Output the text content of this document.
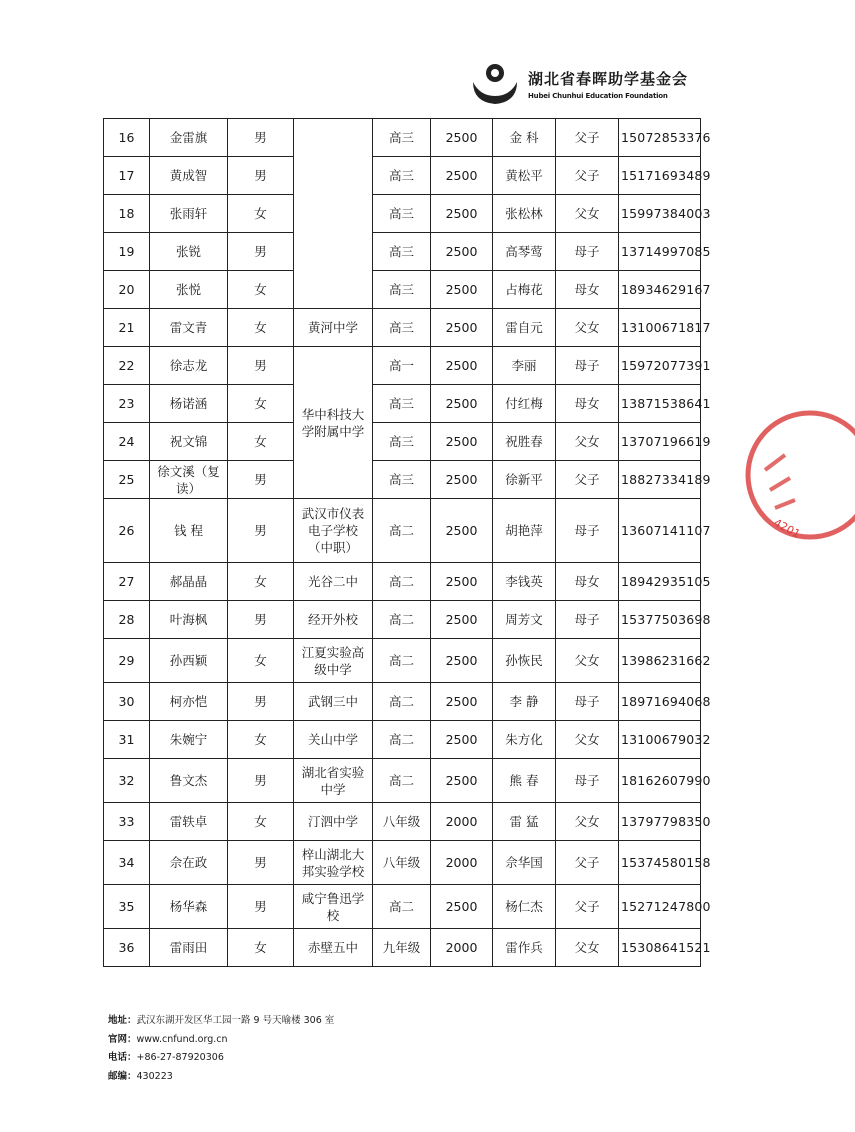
湖北省春晖助学基金会
Hubei Chunhui Education Foundation
16	金雷旗	男		高三	2500	金 科	父子	15072853376
17	黄成智	男		高三	2500	黄松平	父子	15171693489
18	张雨轩	女		高三	2500	张松林	父女	15997384003
19	张锐	男		高三	2500	高琴莺	母子	13714997085
20	张悦	女		高三	2500	占梅花	母女	18934629167
21	雷文青	女	黄河中学	高三	2500	雷自元	父女	13100671817
22	徐志龙	男	华中科技大学附属中学	高一	2500	李丽	母子	15972077391
23	杨诺涵	女		高三	2500	付红梅	母女	13871538641
24	祝文锦	女		高三	2500	祝胜春	父女	13707196619
25	徐文溪（复读）	男		高三	2500	徐新平	父子	18827334189
26	钱 程	男	武汉市仪表电子学校（中职）	高二	2500	胡艳萍	母子	13607141107
27	郝晶晶	女	光谷二中	高二	2500	李钱英	母女	18942935105
28	叶海枫	男	经开外校	高二	2500	周芳文	母子	15377503698
29	孙西颖	女	江夏实验高级中学	高二	2500	孙恢民	父女	13986231662
30	柯亦恺	男	武钢三中	高二	2500	李 静	母子	18971694068
31	朱婉宁	女	关山中学	高二	2500	朱方化	父女	13100679032
32	鲁文杰	男	湖北省实验中学	高二	2500	熊 春	母子	18162607990
33	雷轶卓	女	汀泗中学	八年级	2000	雷 猛	父女	13797798350
34	佘在政	男	梓山湖北大邦实验学校	八年级	2000	佘华国	父子	15374580158
35	杨华森	男	咸宁鲁迅学校	高二	2500	杨仁杰	父子	15271247800
36	雷雨田	女	赤壁五中	九年级	2000	雷作兵	父女	15308641521
地址：武汉东湖开发区华工园一路 9 号天喻楼 306 室
官网：www.cnfund.org.cn
电话：+86-27-87920306
邮编：430223
4201
